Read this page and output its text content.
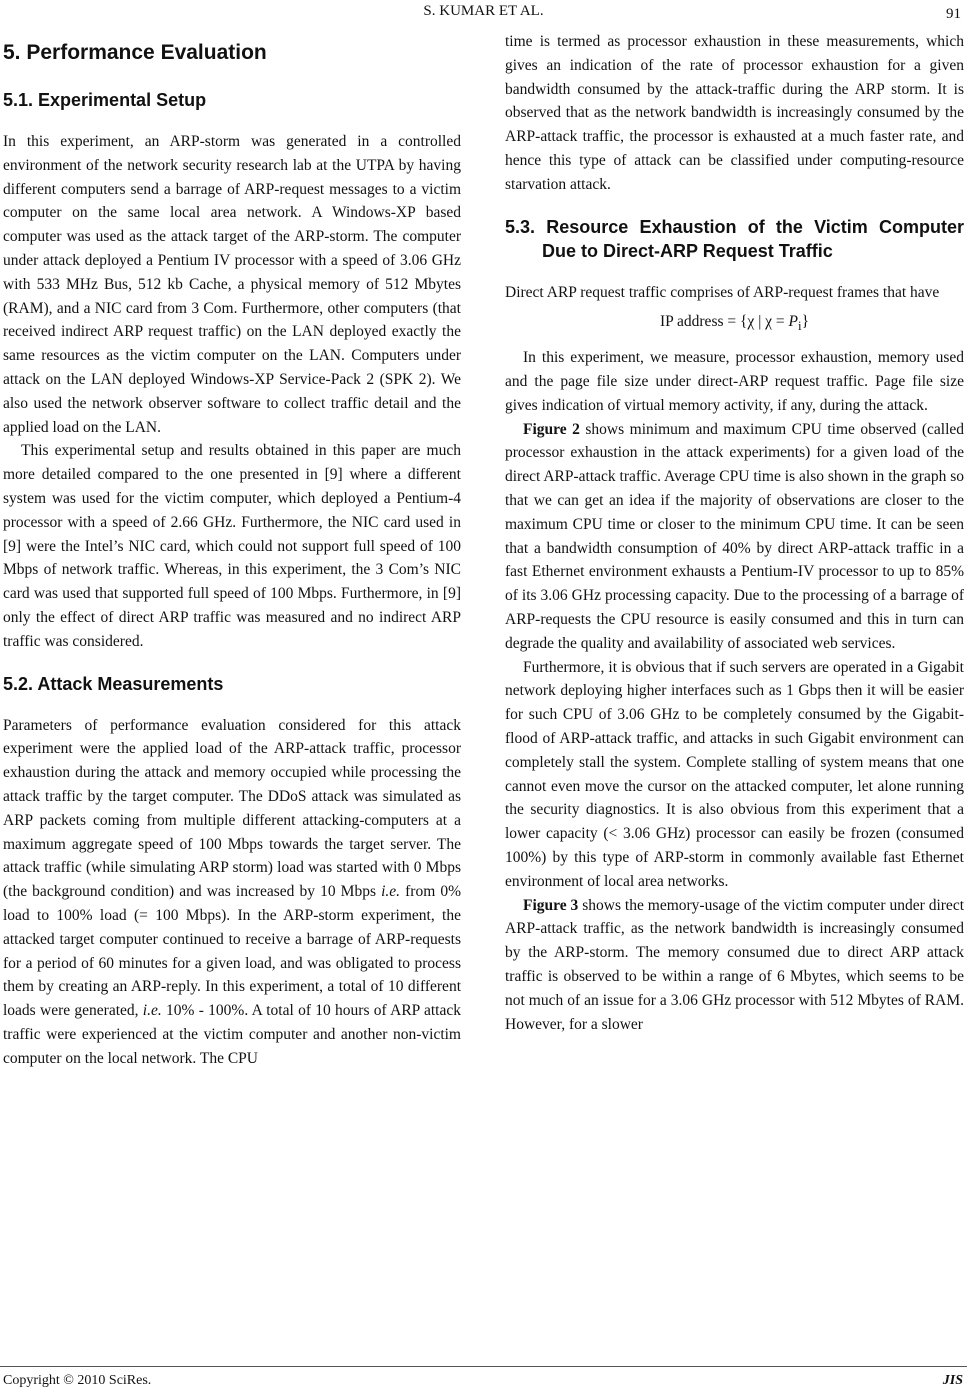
S. KUMAR ET AL.	91
5. Performance Evaluation
5.1. Experimental Setup

In this experiment, an ARP-storm was generated in a controlled environment of the network security research lab at the UTPA by having different computers send a barrage of ARP-request messages to a victim computer on the same local area network. A Windows-XP based computer was used as the attack target of the ARP-storm. The computer under attack deployed a Pentium IV processor with a speed of 3.06 GHz with 533 MHz Bus, 512 kb Cache, a physical memory of 512 Mbytes (RAM), and a NIC card from 3 Com. Furthermore, other computers (that received indirect ARP request traffic) on the LAN deployed exactly the same resources as the victim computer on the LAN. Computers under attack on the LAN deployed Windows-XP Service-Pack 2 (SPK 2). We also used the network observer software to collect traffic detail and the applied load on the LAN.

This experimental setup and results obtained in this paper are much more detailed compared to the one presented in [9] where a different system was used for the victim computer, which deployed a Pentium-4 processor with a speed of 2.66 GHz. Furthermore, the NIC card used in [9] were the Intel’s NIC card, which could not support full speed of 100 Mbps of network traffic. Whereas, in this experiment, the 3 Com’s NIC card was used that supported full speed of 100 Mbps. Furthermore, in [9] only the effect of direct ARP traffic was measured and no indirect ARP traffic was considered.

5.2. Attack Measurements

Parameters of performance evaluation considered for this attack experiment were the applied load of the ARP-attack traffic, processor exhaustion during the attack and memory occupied while processing the attack traffic by the target computer. The DDoS attack was simulated as ARP packets coming from multiple different attacking-computers at a maximum aggregate speed of 100 Mbps towards the target server. The attack traffic (while simulating ARP storm) load was started with 0 Mbps (the background condition) and was increased by 10 Mbps i.e. from 0% load to 100% load (= 100 Mbps). In the ARP-storm experiment, the attacked target computer continued to receive a barrage of ARP-requests for a period of 60 minutes for a given load, and was obligated to process them by creating an ARP-reply. In this experiment, a total of 10 different loads were generated, i.e. 10% - 100%. A total of 10 hours of ARP attack traffic were experienced at the victim computer and another non-victim computer on the local network. The CPU

time is termed as processor exhaustion in these measurements, which gives an indication of the rate of processor exhaustion for a given bandwidth consumed by the attack-traffic during the ARP storm. It is observed that as the network bandwidth is increasingly consumed by the ARP-attack traffic, the processor is exhausted at a much faster rate, and hence this type of attack can be classified under computing-resource starvation attack.

5.3. Resource Exhaustion of the Victim Computer Due to Direct-ARP Request Traffic

Direct ARP request traffic comprises of ARP-request frames that have

IP address = {χ | $\chi = P_i$}

In this experiment, we measure, processor exhaustion, memory used and the page file size under direct-ARP request traffic. Page file size gives indication of virtual memory activity, if any, during the attack.

Figure 2 shows minimum and maximum CPU time observed (called processor exhaustion in the attack experiments) for a given load of the direct ARP-attack traffic. Average CPU time is also shown in the graph so that we can get an idea if the majority of observations are closer to the maximum CPU time or closer to the minimum CPU time. It can be seen that a bandwidth consumption of 40% by direct ARP-attack traffic in a fast Ethernet environment exhausts a Pentium-IV processor to up to 85% of its 3.06 GHz processing capacity. Due to the processing of a barrage of ARP-requests the CPU resource is easily consumed and this in turn can degrade the quality and availability of associated web services.

Furthermore, it is obvious that if such servers are operated in a Gigabit network deploying higher interfaces such as 1 Gbps then it will be easier for such CPU of 3.06 GHz to be completely consumed by the Gigabit-flood of ARP-attack traffic, and attacks in such Gigabit environment can completely stall the system. Complete stalling of system means that one cannot even move the cursor on the attacked computer, let alone running the security diagnostics. It is also obvious from this experiment that a lower capacity (< 3.06 GHz) processor can easily be frozen (consumed 100%) by this type of ARP-storm in commonly available fast Ethernet environment of local area networks.

Figure 3 shows the memory-usage of the victim computer under direct ARP-attack traffic, as the network bandwidth is increasingly consumed by the ARP-storm. The memory consumed due to direct ARP attack traffic is observed to be within a range of 6 Mbytes, which seems to be not much of an issue for a 3.06 GHz processor with 512 Mbytes of RAM. However, for a slower

Copyright © 2010 SciRes.	JIS
